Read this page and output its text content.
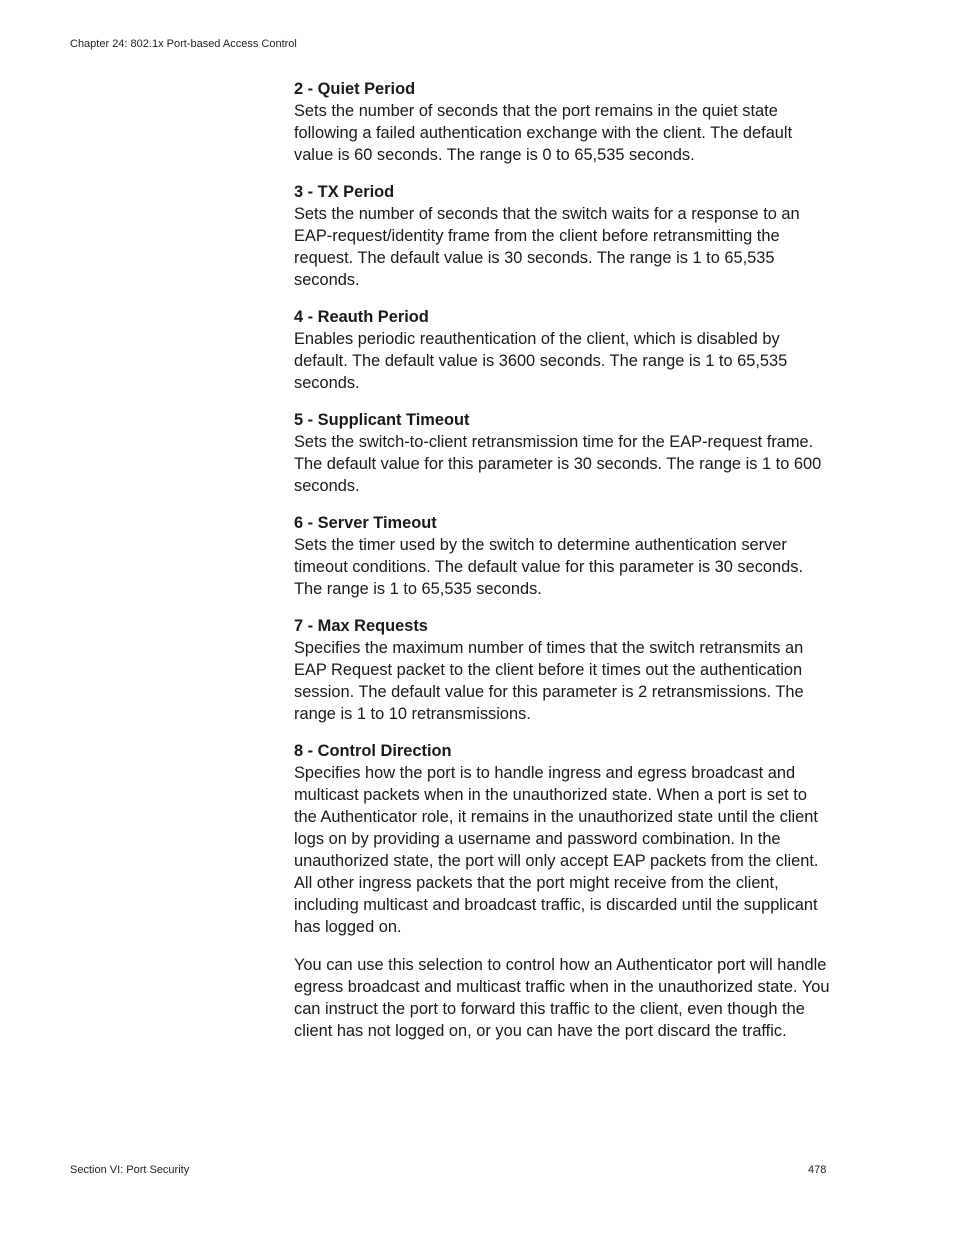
Chapter 24: 802.1x Port-based Access Control
2 - Quiet Period
Sets the number of seconds that the port remains in the quiet state following a failed authentication exchange with the client. The default value is 60 seconds. The range is 0 to 65,535 seconds.
3 - TX Period
Sets the number of seconds that the switch waits for a response to an EAP-request/identity frame from the client before retransmitting the request. The default value is 30 seconds. The range is 1 to 65,535 seconds.
4 - Reauth Period
Enables periodic reauthentication of the client, which is disabled by default. The default value is 3600 seconds. The range is 1 to 65,535 seconds.
5 - Supplicant Timeout
Sets the switch-to-client retransmission time for the EAP-request frame. The default value for this parameter is 30 seconds. The range is 1 to 600 seconds.
6 - Server Timeout
Sets the timer used by the switch to determine authentication server timeout conditions. The default value for this parameter is 30 seconds. The range is 1 to 65,535 seconds.
7 - Max Requests
Specifies the maximum number of times that the switch retransmits an EAP Request packet to the client before it times out the authentication session. The default value for this parameter is 2 retransmissions. The range is 1 to 10 retransmissions.
8 - Control Direction
Specifies how the port is to handle ingress and egress broadcast and multicast packets when in the unauthorized state. When a port is set to the Authenticator role, it remains in the unauthorized state until the client logs on by providing a username and password combination. In the unauthorized state, the port will only accept EAP packets from the client. All other ingress packets that the port might receive from the client, including multicast and broadcast traffic, is discarded until the supplicant has logged on.

You can use this selection to control how an Authenticator port will handle egress broadcast and multicast traffic when in the unauthorized state. You can instruct the port to forward this traffic to the client, even though the client has not logged on, or you can have the port discard the traffic.

Section VI: Port Security	478
